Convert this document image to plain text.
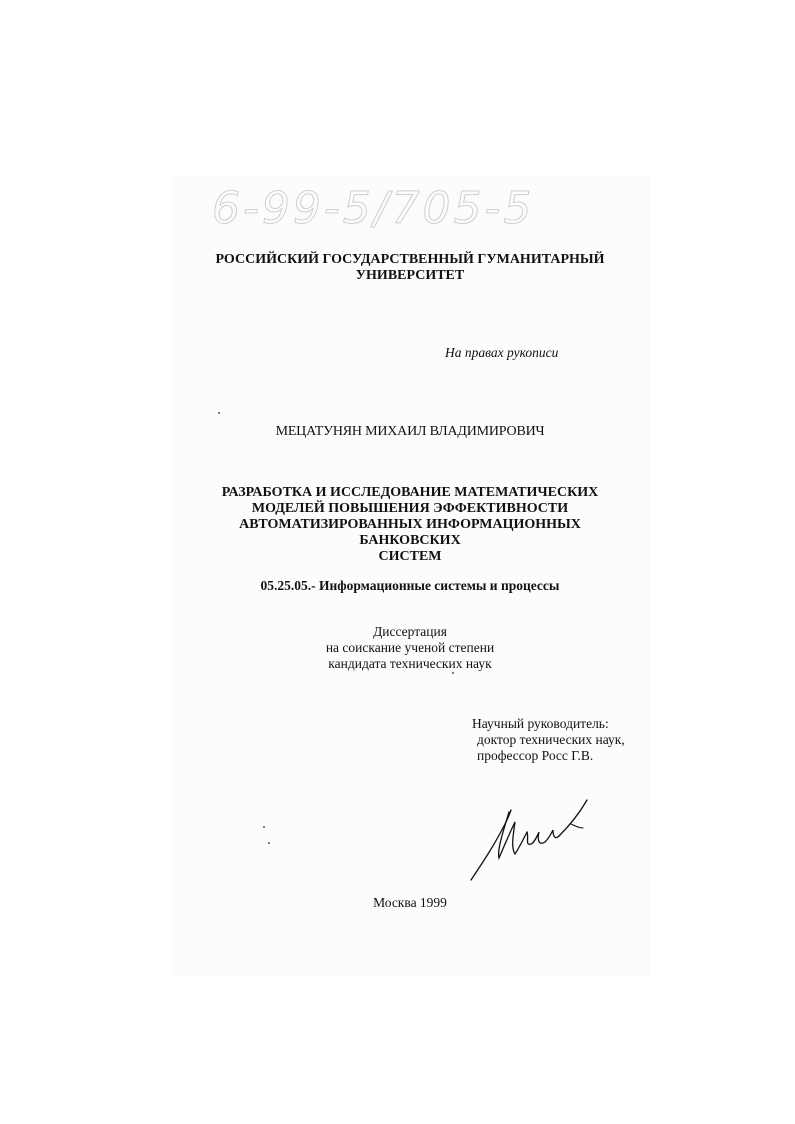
6-99-5/705-5
РОССИЙСКИЙ ГОСУДАРСТВЕННЫЙ ГУМАНИТАРНЫЙ
УНИВЕРСИТЕТ
На правах рукописи
МЕЦАТУНЯН МИХАИЛ ВЛАДИМИРОВИЧ
РАЗРАБОТКА И ИССЛЕДОВАНИЕ МАТЕМАТИЧЕСКИХ
МОДЕЛЕЙ ПОВЫШЕНИЯ ЭФФЕКТИВНОСТИ
АВТОМАТИЗИРОВАННЫХ ИНФОРМАЦИОННЫХ БАНКОВСКИХ
СИСТЕМ
05.25.05.- Информационные системы и процессы
Диссертация
на соискание ученой степени
кандидата технических наук
Научный руководитель:
доктор технических наук,
профессор Росс Г.В.
Москва 1999
